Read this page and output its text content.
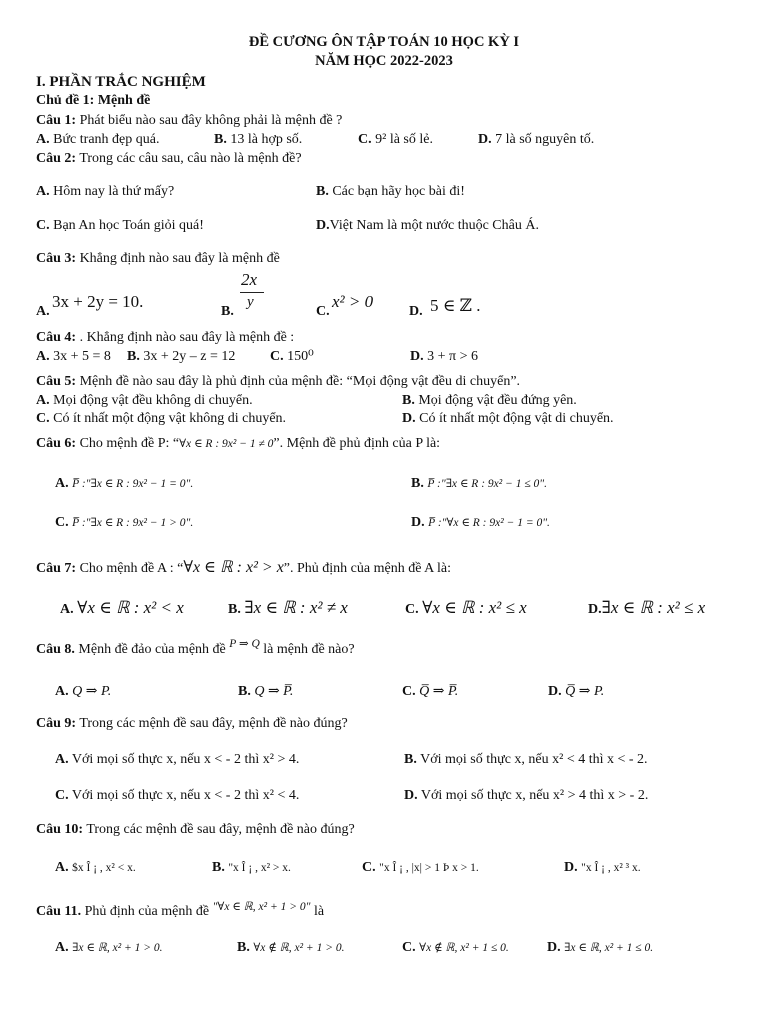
ĐỀ CƯƠNG ÔN TẬP TOÁN 10 HỌC KỲ I
NĂM HỌC 2022-2023
I. PHẦN TRẮC NGHIỆM
Chủ đề 1: Mệnh đề
Câu 1: Phát biểu nào sau đây không phải là mệnh đề ?
A. Bức tranh đẹp quá.	B. 13 là hợp số.	C. 9² là số lẻ.	D. 7 là số nguyên tố.
Câu 2: Trong các câu sau, câu nào là mệnh đề?
A. Hôm nay là thứ mấy?	B. Các bạn hãy học bài đi!
C. Bạn An học Toán giỏi quá!	D.Việt Nam là một nước thuộc Châu Á.
Câu 3: Khẳng định nào sau đây là mệnh đề
A.
3x + 2y = 10.
B.
2x
y
C.
x² > 0
D. 5 ∈ ℤ .
Câu 4: . Khẳng định nào sau đây là mệnh đề :
A. 3x + 5 = 8 B. 3x + 2y – z = 12 C. 150⁰	D. 3 + π > 6
Câu 5: Mệnh đề nào sau đây là phủ định của mệnh đề: “Mọi động vật đều di chuyển”.
A. Mọi động vật đều không di chuyển.	B. Mọi động vật đều đứng yên.
C. Có ít nhất một động vật không di chuyển.	D. Có ít nhất một động vật di chuyển.
Câu 6: Cho mệnh đề P: “∀x ∈ R : 9x² − 1 ≠ 0”. Mệnh đề phủ định của P là:
A. P̅ :"∃x ∈ R : 9x² − 1 = 0".	B. P̅ :"∃x ∈ R : 9x² − 1 ≤ 0".
C. P̅ :"∃x ∈ R : 9x² − 1 > 0".	D. P̅ :"∀x ∈ R : 9x² − 1 = 0".
Câu 7: Cho mệnh đề A : “∀x ∈ ℝ : x² > x”. Phủ định của mệnh đề A là:
A. ∀x ∈ ℝ : x² < x	B. ∃x ∈ ℝ : x² ≠ x	C. ∀x ∈ ℝ : x² ≤ x	D.∃x ∈ ℝ : x² ≤ x
Câu 8. Mệnh đề đảo của mệnh đề $^{P \Rightarrow Q}$ là mệnh đề nào?
A. Q ⇒ P.	B. Q ⇒ P̅.	C. Q̅ ⇒ P̅.	D. Q̅ ⇒ P.
Câu 9: Trong các mệnh đề sau đây, mệnh đề nào đúng?
A. Với mọi số thực x, nếu x < - 2 thì x² > 4.	B. Với mọi số thực x, nếu x² < 4 thì x < - 2.
C. Với mọi số thực x, nếu x < - 2 thì x² < 4.	D. Với mọi số thực x, nếu x² > 4 thì x > - 2.
Câu 10: Trong các mệnh đề sau đây, mệnh đề nào đúng?
A. $x Î ¡ , x² < x.	B. "x Î ¡ , x² > x.	C. "x Î ¡ , |x| > 1 Þ x > 1.	D. "x Î ¡ , x² ³ x.
Câu 11. Phủ định của mệnh đề $^{"\forall x \in ℝ, x^2 + 1 > 0"}$ là
A. ∃x ∈ ℝ, x² + 1 > 0.	B. ∀x ∉ ℝ, x² + 1 > 0.	C. ∀x ∉ ℝ, x² + 1 ≤ 0.	D. ∃x ∈ ℝ, x² + 1 ≤ 0.
